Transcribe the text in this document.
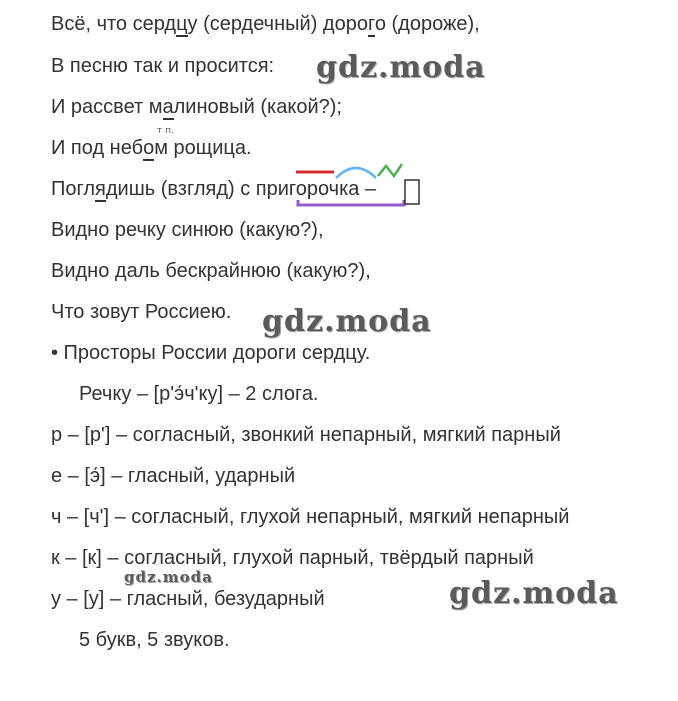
Всё, что сердцу (сердечный) дорого (дороже),
В песню так и просится:
И рассвет малиновый (какой?);
т п.
И под небом рощица.
Поглядишь (взгляд) с пригорочка –
Видно речку синюю (какую?),
Видно даль бескрайнюю (какую?),
Что зовут Россиею.
• Просторы России дороги сердцу.
Речку – [р'э́ч'ку] – 2 слога.
р – [р'] – согласный, звонкий непарный, мягкий парный
е – [э́] – гласный, ударный
ч – [ч'] – согласный, глухой непарный, мягкий непарный
к – [к] – согласный, глухой парный, твёрдый парный
у – [у] – гласный, безударный
5 букв, 5 звуков.
gdz.moda
gdz.moda
gdz.moda	gdz.moda
